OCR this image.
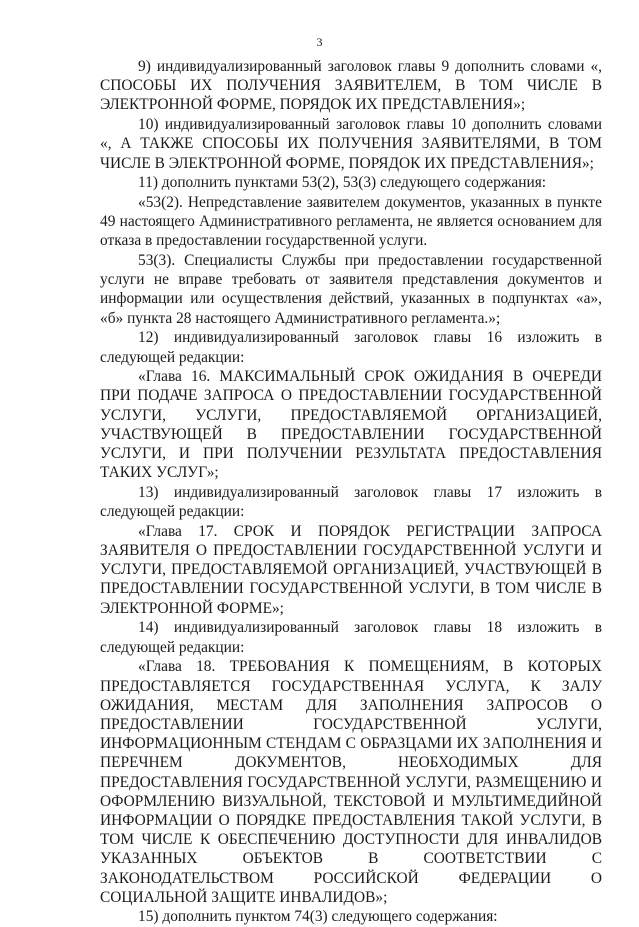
3

9) индивидуализированный заголовок главы 9 дополнить словами «, СПОСОБЫ ИХ ПОЛУЧЕНИЯ ЗАЯВИТЕЛЕМ, В ТОМ ЧИСЛЕ В ЭЛЕКТРОННОЙ ФОРМЕ, ПОРЯДОК ИХ ПРЕДСТАВЛЕНИЯ»;

10) индивидуализированный заголовок главы 10 дополнить словами «, А ТАКЖЕ СПОСОБЫ ИХ ПОЛУЧЕНИЯ ЗАЯВИТЕЛЯМИ, В ТОМ ЧИСЛЕ В ЭЛЕКТРОННОЙ ФОРМЕ, ПОРЯДОК ИХ ПРЕДСТАВЛЕНИЯ»;

11) дополнить пунктами 53(2), 53(3) следующего содержания:

«53(2). Непредставление заявителем документов, указанных в пункте 49 настоящего Административного регламента, не является основанием для отказа в предоставлении государственной услуги.

53(3). Специалисты Службы при предоставлении государственной услуги не вправе требовать от заявителя представления документов и информации или осуществления действий, указанных в подпунктах «а», «б» пункта 28 настоящего Административного регламента.»;

12) индивидуализированный заголовок главы 16 изложить в следующей редакции:

«Глава 16. МАКСИМАЛЬНЫЙ СРОК ОЖИДАНИЯ В ОЧЕРЕДИ ПРИ ПОДАЧЕ ЗАПРОСА О ПРЕДОСТАВЛЕНИИ ГОСУДАРСТВЕННОЙ УСЛУГИ, УСЛУГИ, ПРЕДОСТАВЛЯЕМОЙ ОРГАНИЗАЦИЕЙ, УЧАСТВУЮЩЕЙ В ПРЕДОСТАВЛЕНИИ ГОСУДАРСТВЕННОЙ УСЛУГИ, И ПРИ ПОЛУЧЕНИИ РЕЗУЛЬТАТА ПРЕДОСТАВЛЕНИЯ ТАКИХ УСЛУГ»;

13) индивидуализированный заголовок главы 17 изложить в следующей редакции:

«Глава 17. СРОК И ПОРЯДОК РЕГИСТРАЦИИ ЗАПРОСА ЗАЯВИТЕЛЯ О ПРЕДОСТАВЛЕНИИ ГОСУДАРСТВЕННОЙ УСЛУГИ И УСЛУГИ, ПРЕДОСТАВЛЯЕМОЙ ОРГАНИЗАЦИЕЙ, УЧАСТВУЮЩЕЙ В ПРЕДОСТАВЛЕНИИ ГОСУДАРСТВЕННОЙ УСЛУГИ, В ТОМ ЧИСЛЕ В ЭЛЕКТРОННОЙ ФОРМЕ»;

14) индивидуализированный заголовок главы 18 изложить в следующей редакции:

«Глава 18. ТРЕБОВАНИЯ К ПОМЕЩЕНИЯМ, В КОТОРЫХ ПРЕДОСТАВЛЯЕТСЯ ГОСУДАРСТВЕННАЯ УСЛУГА, К ЗАЛУ ОЖИДАНИЯ, МЕСТАМ ДЛЯ ЗАПОЛНЕНИЯ ЗАПРОСОВ О ПРЕДОСТАВЛЕНИИ ГОСУДАРСТВЕННОЙ УСЛУГИ, ИНФОРМАЦИОННЫМ СТЕНДАМ С ОБРАЗЦАМИ ИХ ЗАПОЛНЕНИЯ И ПЕРЕЧНЕМ ДОКУМЕНТОВ, НЕОБХОДИМЫХ ДЛЯ ПРЕДОСТАВЛЕНИЯ ГОСУДАРСТВЕННОЙ УСЛУГИ, РАЗМЕЩЕНИЮ И ОФОРМЛЕНИЮ ВИЗУАЛЬНОЙ, ТЕКСТОВОЙ И МУЛЬТИМЕДИЙНОЙ ИНФОРМАЦИИ О ПОРЯДКЕ ПРЕДОСТАВЛЕНИЯ ТАКОЙ УСЛУГИ, В ТОМ ЧИСЛЕ К ОБЕСПЕЧЕНИЮ ДОСТУПНОСТИ ДЛЯ ИНВАЛИДОВ УКАЗАННЫХ ОБЪЕКТОВ В СООТВЕТСТВИИ С ЗАКОНОДАТЕЛЬСТВОМ РОССИЙСКОЙ ФЕДЕРАЦИИ О СОЦИАЛЬНОЙ ЗАЩИТЕ ИНВАЛИДОВ»;

15) дополнить пунктом 74(3) следующего содержания:
